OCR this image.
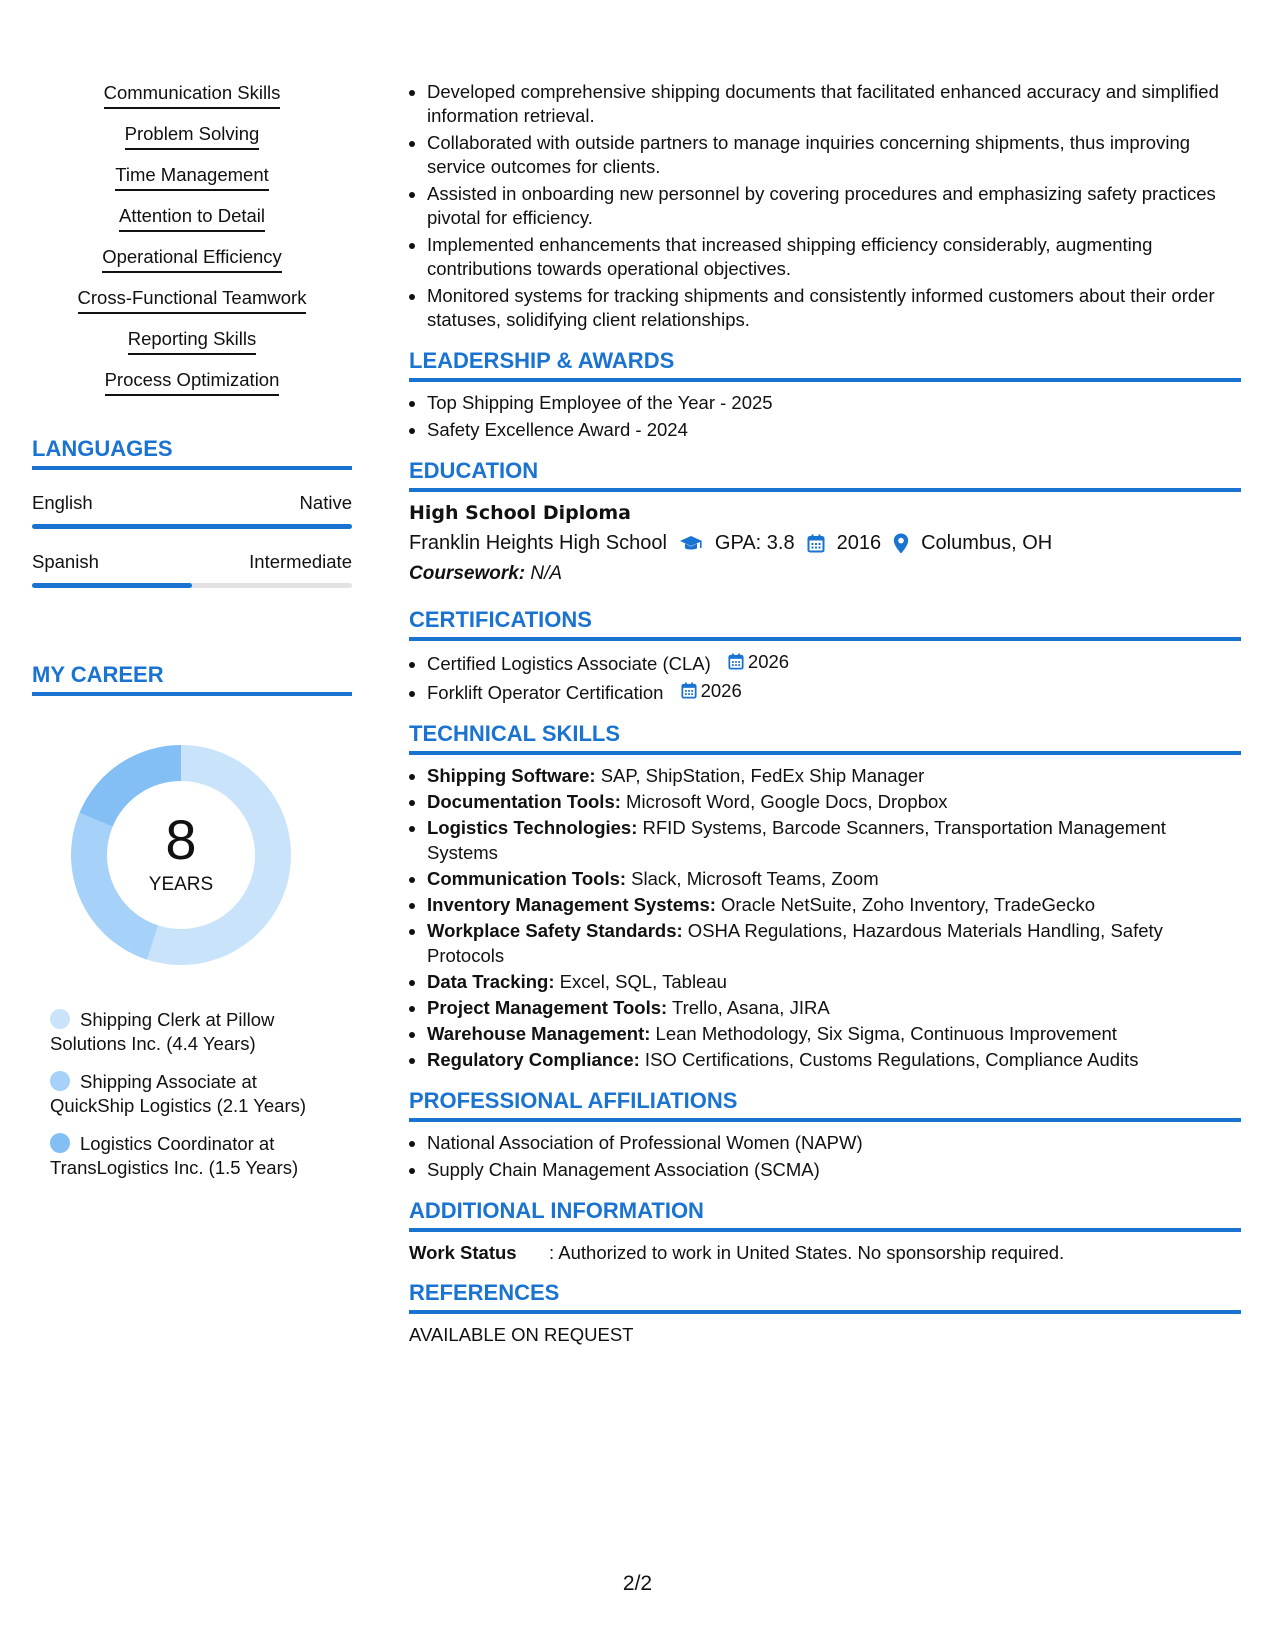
Communication Skills
Problem Solving
Time Management
Attention to Detail
Operational Efficiency
Cross-Functional Teamwork
Reporting Skills
Process Optimization
LANGUAGES
English	Native
Spanish	Intermediate
MY CAREER
8
YEARS
Shipping Clerk at Pillow Solutions Inc. (4.4 Years)
Shipping Associate at QuickShip Logistics (2.1 Years)
Logistics Coordinator at TransLogistics Inc. (1.5 Years)
• Developed comprehensive shipping documents that facilitated enhanced accuracy and simplified information retrieval.
• Collaborated with outside partners to manage inquiries concerning shipments, thus improving service outcomes for clients.
• Assisted in onboarding new personnel by covering procedures and emphasizing safety practices pivotal for efficiency.
• Implemented enhancements that increased shipping efficiency considerably, augmenting contributions towards operational objectives.
• Monitored systems for tracking shipments and consistently informed customers about their order statuses, solidifying client relationships.
LEADERSHIP & AWARDS
• Top Shipping Employee of the Year - 2025
• Safety Excellence Award - 2024
EDUCATION
High School Diploma
Franklin Heights High School GPA: 3.8 2016 Columbus, OH
Coursework: N/A
CERTIFICATIONS
• Certified Logistics Associate (CLA) 2026
• Forklift Operator Certification 2026
TECHNICAL SKILLS
• Shipping Software: SAP, ShipStation, FedEx Ship Manager
• Documentation Tools: Microsoft Word, Google Docs, Dropbox
• Logistics Technologies: RFID Systems, Barcode Scanners, Transportation Management Systems
• Communication Tools: Slack, Microsoft Teams, Zoom
• Inventory Management Systems: Oracle NetSuite, Zoho Inventory, TradeGecko
• Workplace Safety Standards: OSHA Regulations, Hazardous Materials Handling, Safety Protocols
• Data Tracking: Excel, SQL, Tableau
• Project Management Tools: Trello, Asana, JIRA
• Warehouse Management: Lean Methodology, Six Sigma, Continuous Improvement
• Regulatory Compliance: ISO Certifications, Customs Regulations, Compliance Audits
PROFESSIONAL AFFILIATIONS
• National Association of Professional Women (NAPW)
• Supply Chain Management Association (SCMA)
ADDITIONAL INFORMATION
Work Status	: Authorized to work in United States. No sponsorship required.
REFERENCES
AVAILABLE ON REQUEST
2/2
